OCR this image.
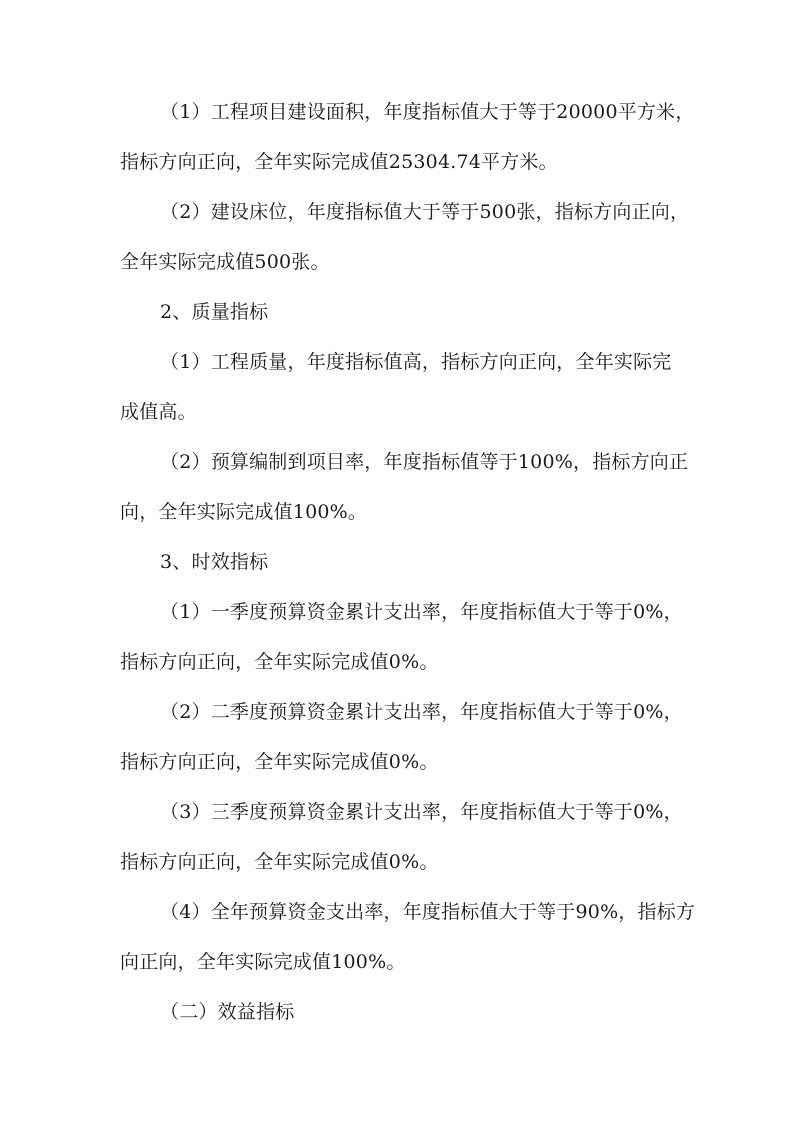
（1）工程项目建设面积，年度指标值大于等于20000平方米，
指标方向正向，全年实际完成值25304.74平方米。
（2）建设床位，年度指标值大于等于500张，指标方向正向，
全年实际完成值500张。
2、质量指标
（1）工程质量，年度指标值高，指标方向正向，全年实际完
成值高。
（2）预算编制到项目率，年度指标值等于100%，指标方向正
向，全年实际完成值100%。
3、时效指标
（1）一季度预算资金累计支出率，年度指标值大于等于0%，
指标方向正向，全年实际完成值0%。
（2）二季度预算资金累计支出率，年度指标值大于等于0%，
指标方向正向，全年实际完成值0%。
（3）三季度预算资金累计支出率，年度指标值大于等于0%，
指标方向正向，全年实际完成值0%。
（4）全年预算资金支出率，年度指标值大于等于90%，指标方
向正向，全年实际完成值100%。
（二）效益指标
